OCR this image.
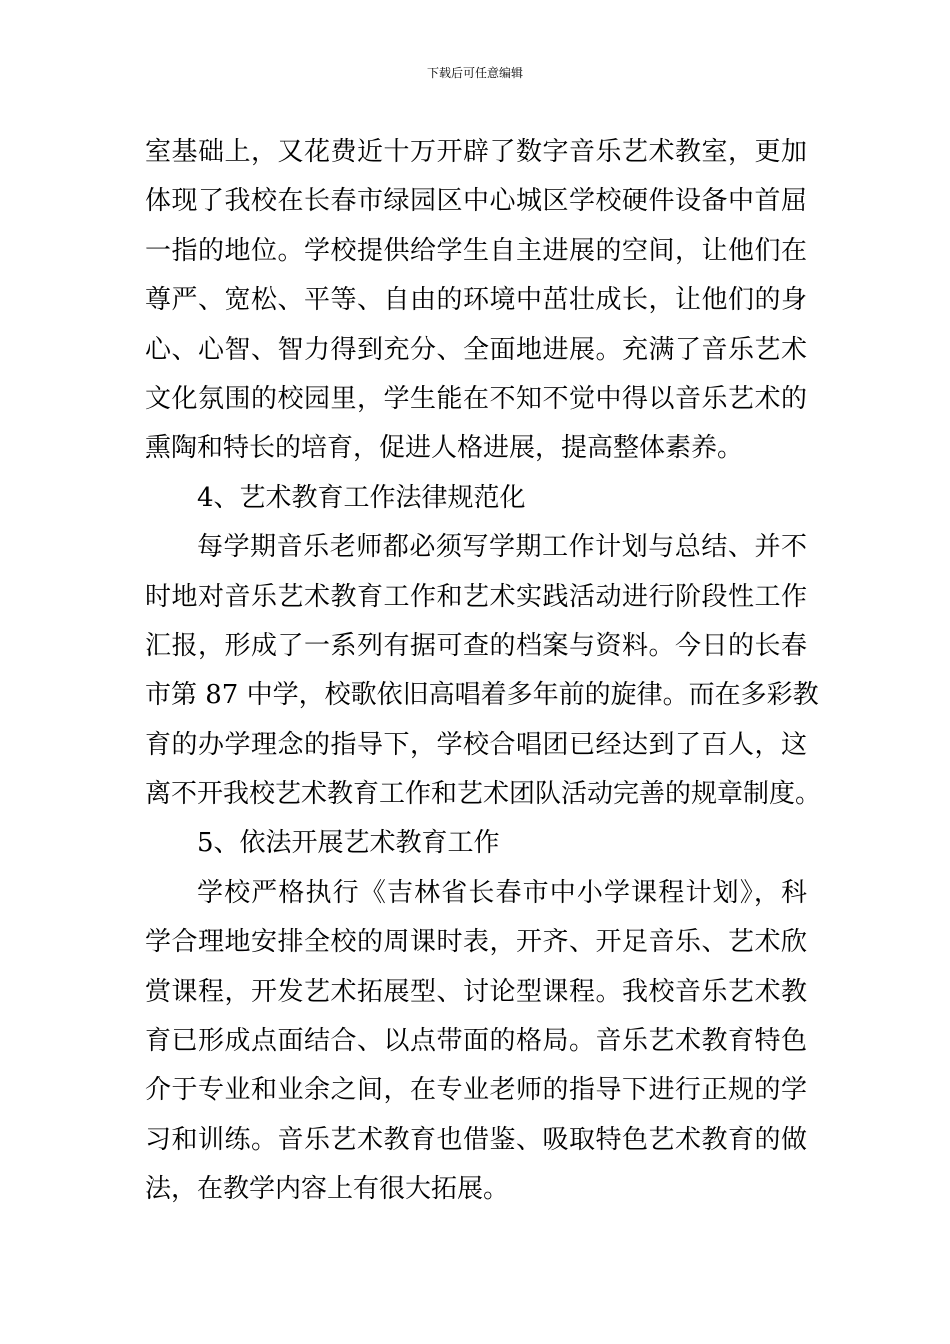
下载后可任意编辑
室基础上，又花费近十万开辟了数字音乐艺术教室，更加
体现了我校在长春市绿园区中心城区学校硬件设备中首屈
一指的地位。学校提供给学生自主进展的空间，让他们在
尊严、宽松、平等、自由的环境中茁壮成长，让他们的身
心、心智、智力得到充分、全面地进展。充满了音乐艺术
文化氛围的校园里，学生能在不知不觉中得以音乐艺术的
熏陶和特长的培育，促进人格进展，提高整体素养。
4、艺术教育工作法律规范化
每学期音乐老师都必须写学期工作计划与总结、并不
时地对音乐艺术教育工作和艺术实践活动进行阶段性工作
汇报，形成了一系列有据可查的档案与资料。今日的长春
市第 87 中学，校歌依旧高唱着多年前的旋律。而在多彩教
育的办学理念的指导下，学校合唱团已经达到了百人，这
离不开我校艺术教育工作和艺术团队活动完善的规章制度。
5、依法开展艺术教育工作
学校严格执行《吉林省长春市中小学课程计划》，科
学合理地安排全校的周课时表，开齐、开足音乐、艺术欣
赏课程，开发艺术拓展型、讨论型课程。我校音乐艺术教
育已形成点面结合、以点带面的格局。音乐艺术教育特色
介于专业和业余之间，在专业老师的指导下进行正规的学
习和训练。音乐艺术教育也借鉴、吸取特色艺术教育的做
法，在教学内容上有很大拓展。
